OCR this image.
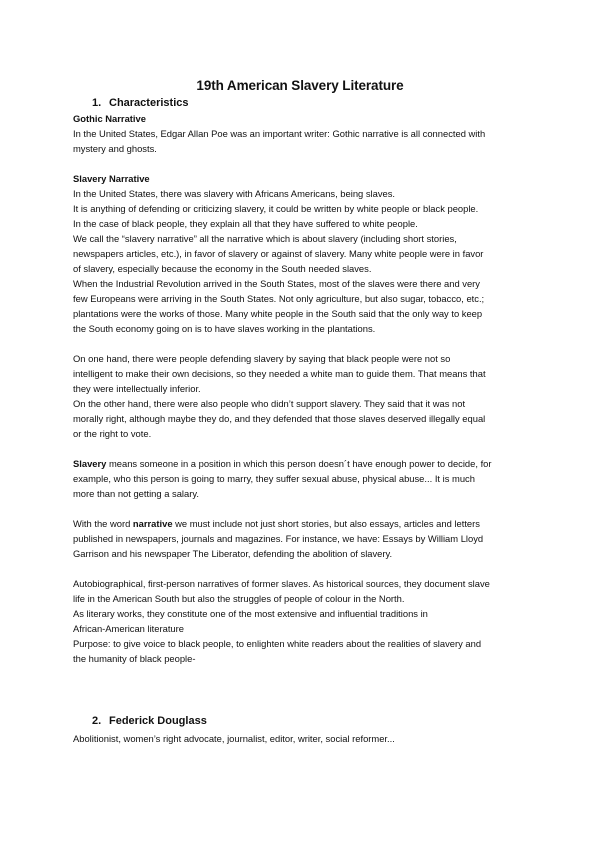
19th American Slavery Literature
1. Characteristics

Gothic Narrative

In the United States, Edgar Allan Poe was an important writer: Gothic narrative is all connected with

mystery and ghosts.

Slavery Narrative

In the United States, there was slavery with Africans Americans, being slaves.

It is anything of defending or criticizing slavery, it could be written by white people or black people.

In the case of black people, they explain all that they have suffered to white people.

We call the “slavery narrative” all the narrative which is about slavery (including short stories,

newspapers articles, etc.), in favor of slavery or against of slavery. Many white people were in favor

of slavery, especially because the economy in the South needed slaves.

When the Industrial Revolution arrived in the South States, most of the slaves were there and very

few Europeans were arriving in the South States. Not only agriculture, but also sugar, tobacco, etc.;

plantations were the works of those. Many white people in the South said that the only way to keep

the South economy going on is to have slaves working in the plantations.

On one hand, there were people defending slavery by saying that black people were not so

intelligent to make their own decisions, so they needed a white man to guide them. That means that

they were intellectually inferior.

On the other hand, there were also people who didn’t support slavery. They said that it was not

morally right, although maybe they do, and they defended that those slaves deserved illegally equal

or the right to vote.

Slavery means someone in a position in which this person doesn´t have enough power to decide, for

example, who this person is going to marry, they suffer sexual abuse, physical abuse... It is much

more than not getting a salary.

With the word narrative we must include not just short stories, but also essays, articles and letters

published in newspapers, journals and magazines. For instance, we have: Essays by William Lloyd

Garrison and his newspaper The Liberator, defending the abolition of slavery.

Autobiographical, first-person narratives of former slaves. As historical sources, they document slave

life in the American South but also the struggles of people of colour in the North.

As literary works, they constitute one of the most extensive and influential traditions in

African-American literature

Purpose: to give voice to black people, to enlighten white readers about the realities of slavery and

the humanity of black people-

2. Federick Douglass

Abolitionist, women’s right advocate, journalist, editor, writer, social reformer...
